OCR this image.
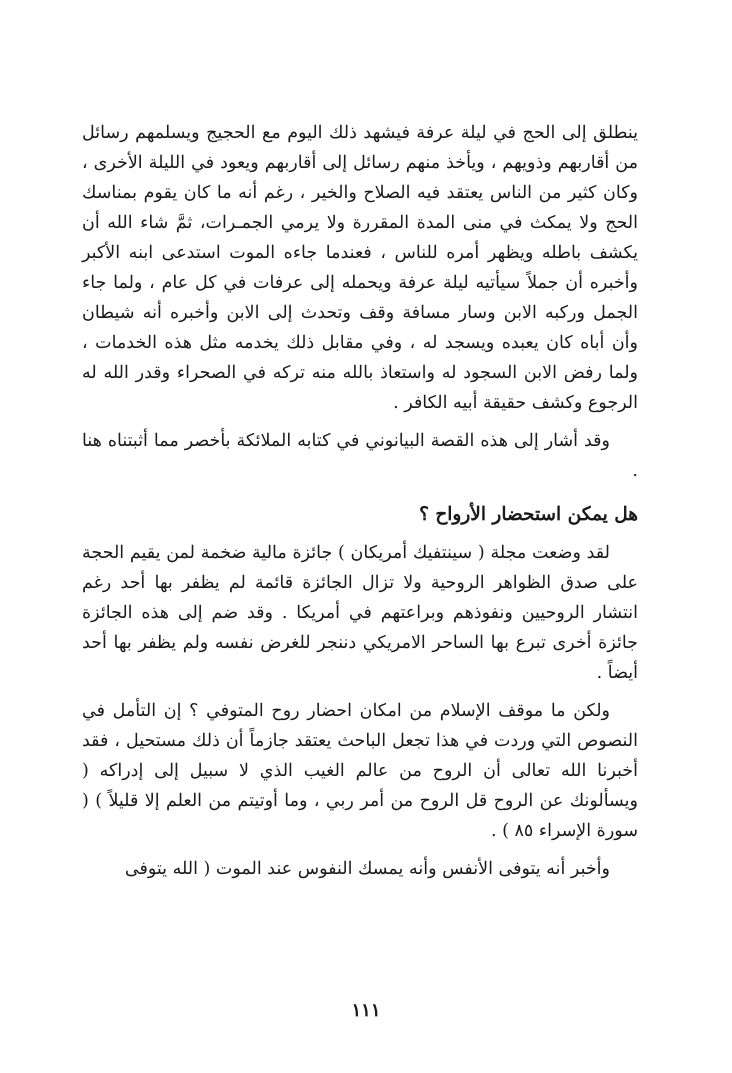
ينطلق إلى الحج في ليلة عرفة فيشهد ذلك اليوم مع الحجيج ويسلمهم رسائل من أقاربهم وذويهم ، ويأخذ منهم رسائل إلى أقاربهم ويعود في الليلة الأخرى ، وكان كثير من الناس يعتقد فيه الصلاح والخير ، رغم أنه ما كان يقوم بمناسك الحج ولا يمكث في منى المدة المقررة ولا يرمي الجمـرات، ثمَّ شاء الله أن يكشف باطله ويظهر أمره للناس ، فعندما جاءه الموت استدعى ابنه الأكبر وأخبره أن جملاً سيأتيه ليلة عرفة ويحمله إلى عرفات في كل عام ، ولما جاء الجمل وركبه الابن وسار مسافة وقف وتحدث إلى الابن وأخبره أنه شيطان وأن أباه كان يعبده ويسجد له ، وفي مقابل ذلك يخدمه مثل هذه الخدمات ، ولما رفض الابن السجود له واستعاذ بالله منه تركه في الصحراء وقدر الله له الرجوع وكشف حقيقة أبيه الكافر .

وقد أشار إلى هذه القصة البيانوني في كتابه الملائكة بأخصر مما أثبتناه هنا .

هل يمكن استحضار الأرواح ؟

لقد وضعت مجلة ( سينتفيك أمريكان ) جائزة مالية ضخمة لمن يقيم الحجة على صدق الظواهر الروحية ولا تزال الجائزة قائمة لم يظفر بها أحد رغم انتشار الروحيين ونفوذهم وبراعتهم في أمريكا . وقد ضم إلى هذه الجائزة جائزة أخرى تبرع بها الساحر الامريكي دننجر للغرض نفسه ولم يظفر بها أحد أيضاً .

ولكن ما موقف الإسلام من امكان احضار روح المتوفي ؟ إن التأمل في النصوص التي وردت في هذا تجعل الباحث يعتقد جازماً أن ذلك مستحيل ، فقد أخبرنا الله تعالى أن الروح من عالم الغيب الذي لا سبيل إلى إدراكه ( ويسألونك عن الروح قل الروح من أمر ربي ، وما أوتيتم من العلم إلا قليلاً ) ( سورة الإسراء ٨٥ ) .

وأخبر أنه يتوفى الأنفس وأنه يمسك النفوس عند الموت ( الله يتوفى

١١١
